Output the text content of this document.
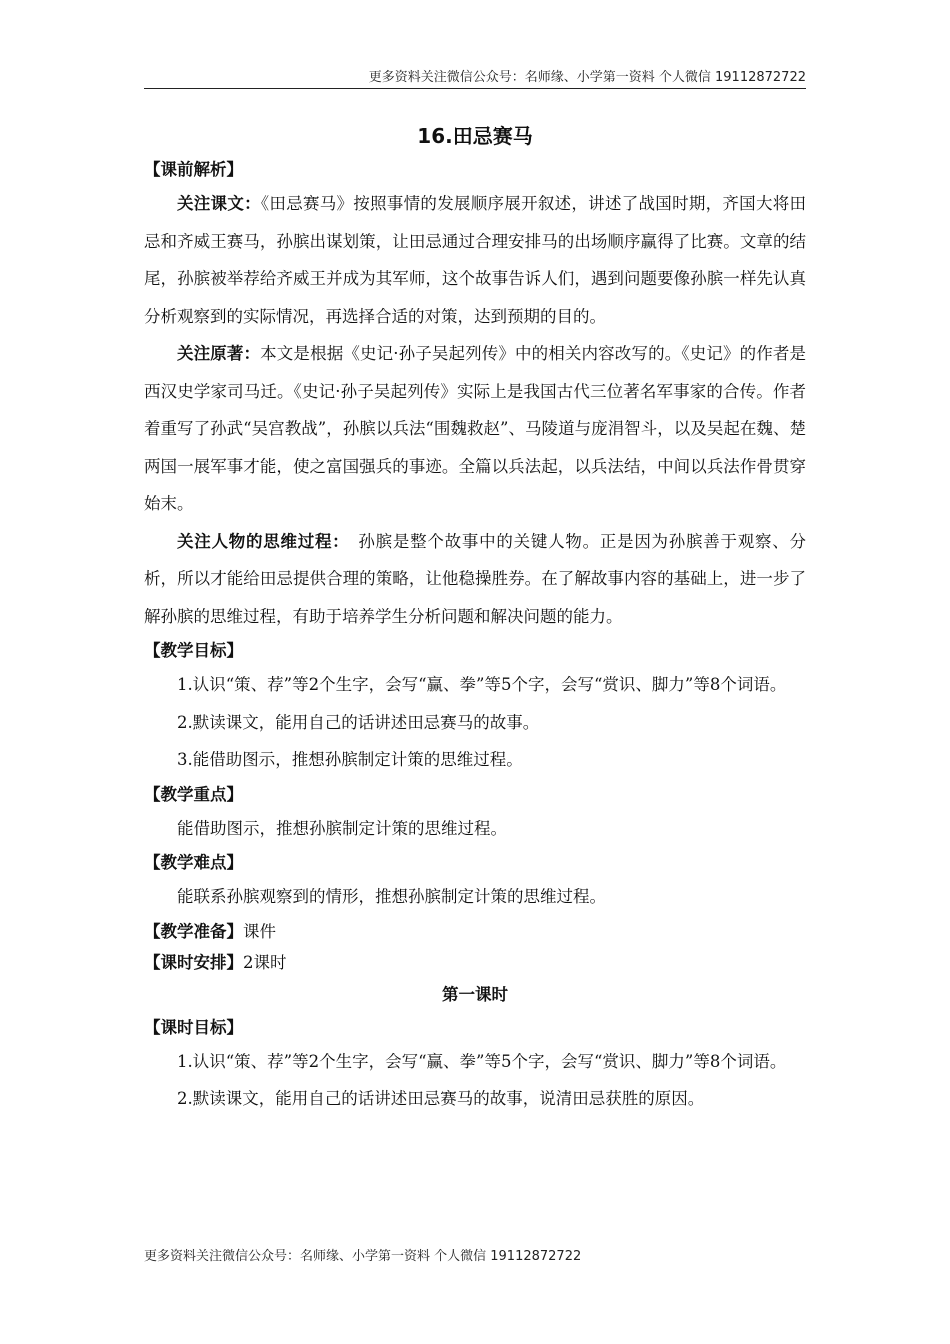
更多资料关注微信公众号：名师缘、小学第一资料 个人微信 19112872722
16.田忌赛马
【课前解析】

关注课文：《田忌赛马》按照事情的发展顺序展开叙述，讲述了战国时期，齐国大将田忌和齐威王赛马，孙膑出谋划策，让田忌通过合理安排马的出场顺序赢得了比赛。文章的结尾，孙膑被举荐给齐威王并成为其军师，这个故事告诉人们，遇到问题要像孙膑一样先认真分析观察到的实际情况，再选择合适的对策，达到预期的目的。

关注原著：本文是根据《史记·孙子吴起列传》中的相关内容改写的。《史记》的作者是西汉史学家司马迁。《史记·孙子吴起列传》实际上是我国古代三位著名军事家的合传。作者着重写了孙武“吴宫教战”，孙膑以兵法“围魏救赵”、马陵道与庞涓智斗，以及吴起在魏、楚两国一展军事才能，使之富国强兵的事迹。全篇以兵法起，以兵法结，中间以兵法作骨贯穿始末。

关注人物的思维过程：　孙膑是整个故事中的关键人物。正是因为孙膑善于观察、分析，所以才能给田忌提供合理的策略，让他稳操胜券。在了解故事内容的基础上，进一步了解孙膑的思维过程，有助于培养学生分析问题和解决问题的能力。

【教学目标】

1.认识“策、荐”等2个生字，会写“赢、拳”等5个字，会写“赏识、脚力”等8个词语。

2.默读课文，能用自己的话讲述田忌赛马的故事。

3.能借助图示，推想孙膑制定计策的思维过程。

【教学重点】

能借助图示，推想孙膑制定计策的思维过程。

【教学难点】

能联系孙膑观察到的情形，推想孙膑制定计策的思维过程。

【教学准备】课件
【课时安排】2课时
第一课时
【课时目标】

1.认识“策、荐”等2个生字，会写“赢、拳”等5个字，会写“赏识、脚力”等8个词语。

2.默读课文，能用自己的话讲述田忌赛马的故事，说清田忌获胜的原因。

更多资料关注微信公众号：名师缘、小学第一资料 个人微信 19112872722
